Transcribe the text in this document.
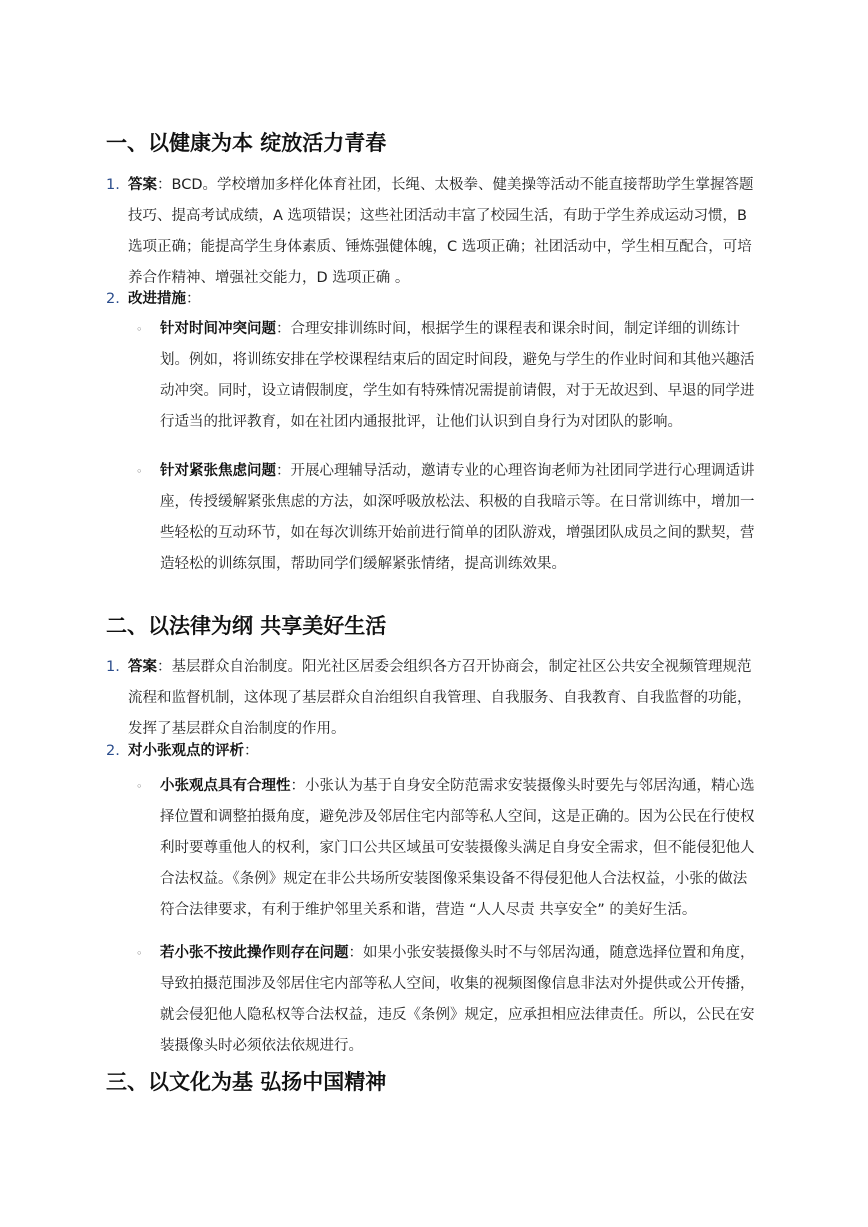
一、以健康为本 绽放活力青春
1. 答案：BCD。学校增加多样化体育社团，长绳、太极拳、健美操等活动不能直接帮助学生掌握答题技巧、提高考试成绩，A 选项错误；这些社团活动丰富了校园生活，有助于学生养成运动习惯，B 选项正确；能提高学生身体素质、锤炼强健体魄，C 选项正确；社团活动中，学生相互配合，可培养合作精神、增强社交能力，D 选项正确 。
2. 改进措施：
◦ 针对时间冲突问题：合理安排训练时间，根据学生的课程表和课余时间，制定详细的训练计划。例如，将训练安排在学校课程结束后的固定时间段，避免与学生的作业时间和其他兴趣活动冲突。同时，设立请假制度，学生如有特殊情况需提前请假，对于无故迟到、早退的同学进行适当的批评教育，如在社团内通报批评，让他们认识到自身行为对团队的影响。
◦ 针对紧张焦虑问题：开展心理辅导活动，邀请专业的心理咨询老师为社团同学进行心理调适讲座，传授缓解紧张焦虑的方法，如深呼吸放松法、积极的自我暗示等。在日常训练中，增加一些轻松的互动环节，如在每次训练开始前进行简单的团队游戏，增强团队成员之间的默契，营造轻松的训练氛围，帮助同学们缓解紧张情绪，提高训练效果。
二、以法律为纲 共享美好生活
1. 答案：基层群众自治制度。阳光社区居委会组织各方召开协商会，制定社区公共安全视频管理规范流程和监督机制，这体现了基层群众自治组织自我管理、自我服务、自我教育、自我监督的功能，发挥了基层群众自治制度的作用。
2. 对小张观点的评析：
◦ 小张观点具有合理性：小张认为基于自身安全防范需求安装摄像头时要先与邻居沟通，精心选择位置和调整拍摄角度，避免涉及邻居住宅内部等私人空间，这是正确的。因为公民在行使权利时要尊重他人的权利，家门口公共区域虽可安装摄像头满足自身安全需求，但不能侵犯他人合法权益。《条例》规定在非公共场所安装图像采集设备不得侵犯他人合法权益，小张的做法符合法律要求，有利于维护邻里关系和谐，营造 “人人尽责 共享安全” 的美好生活。
◦ 若小张不按此操作则存在问题：如果小张安装摄像头时不与邻居沟通，随意选择位置和角度，导致拍摄范围涉及邻居住宅内部等私人空间，收集的视频图像信息非法对外提供或公开传播，就会侵犯他人隐私权等合法权益，违反《条例》规定，应承担相应法律责任。所以，公民在安装摄像头时必须依法依规进行。
三、以文化为基 弘扬中国精神
